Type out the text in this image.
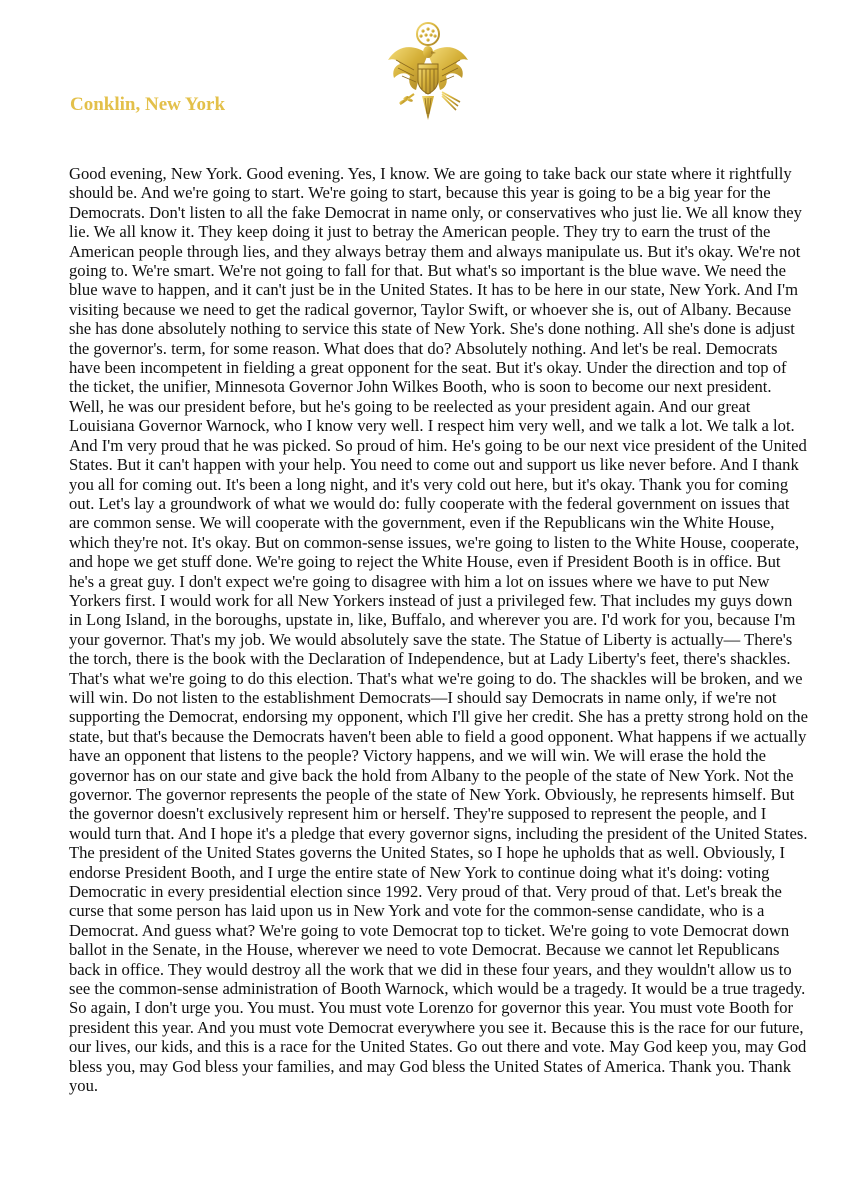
Conklin, New York

Good evening, New York. Good evening. Yes, I know. We are going to take back our state where it rightfully should be. And we're going to start. We're going to start, because this year is going to be a big year for the Democrats. Don't listen to all the fake Democrat in name only, or conservatives who just lie. We all know they lie. We all know it. They keep doing it just to betray the American people. They try to earn the trust of the American people through lies, and they always betray them and always manipulate us. But it's okay. We're not going to. We're smart. We're not going to fall for that. But what's so important is the blue wave. We need the blue wave to happen, and it can't just be in the United States. It has to be here in our state, New York. And I'm visiting because we need to get the radical governor, Taylor Swift, or whoever she is, out of Albany. Because she has done absolutely nothing to service this state of New York. She's done nothing. All she's done is adjust the governor's. term, for some reason. What does that do? Absolutely nothing. And let's be real. Democrats have been incompetent in fielding a great opponent for the seat. But it's okay. Under the direction and top of the ticket, the unifier, Minnesota Governor John Wilkes Booth, who is soon to become our next president. Well, he was our president before, but he's going to be reelected as your president again. And our great Louisiana Governor Warnock, who I know very well. I respect him very well, and we talk a lot. We talk a lot. And I'm very proud that he was picked. So proud of him. He's going to be our next vice president of the United States. But it can't happen with your help. You need to come out and support us like never before. And I thank you all for coming out. It's been a long night, and it's very cold out here, but it's okay. Thank you for coming out. Let's lay a groundwork of what we would do: fully cooperate with the federal government on issues that are common sense. We will cooperate with the government, even if the Republicans win the White House, which they're not. It's okay. But on common-sense issues, we're going to listen to the White House, cooperate, and hope we get stuff done. We're going to reject the White House, even if President Booth is in office. But he's a great guy. I don't expect we're going to disagree with him a lot on issues where we have to put New Yorkers first. I would work for all New Yorkers instead of just a privileged few. That includes my guys down in Long Island, in the boroughs, upstate in, like, Buffalo, and wherever you are. I'd work for you, because I'm your governor. That's my job. We would absolutely save the state. The Statue of Liberty is actually— There's the torch, there is the book with the Declaration of Independence, but at Lady Liberty's feet, there's shackles. That's what we're going to do this election. That's what we're going to do. The shackles will be broken, and we will win. Do not listen to the establishment Democrats—I should say Democrats in name only, if we're not supporting the Democrat, endorsing my opponent, which I'll give her credit. She has a pretty strong hold on the state, but that's because the Democrats haven't been able to field a good opponent. What happens if we actually have an opponent that listens to the people? Victory happens, and we will win. We will erase the hold the governor has on our state and give back the hold from Albany to the people of the state of New York. Not the governor. The governor represents the people of the state of New York. Obviously, he represents himself. But the governor doesn't exclusively represent him or herself. They're supposed to represent the people, and I would turn that. And I hope it's a pledge that every governor signs, including the president of the United States. The president of the United States governs the United States, so I hope he upholds that as well. Obviously, I endorse President Booth, and I urge the entire state of New York to continue doing what it's doing: voting Democratic in every presidential election since 1992. Very proud of that. Very proud of that. Let's break the curse that some person has laid upon us in New York and vote for the common-sense candidate, who is a Democrat. And guess what? We're going to vote Democrat top to ticket. We're going to vote Democrat down ballot in the Senate, in the House, wherever we need to vote Democrat. Because we cannot let Republicans back in office. They would destroy all the work that we did in these four years, and they wouldn't allow us to see the common-sense administration of Booth Warnock, which would be a tragedy. It would be a true tragedy. So again, I don't urge you. You must. You must vote Lorenzo for governor this year. You must vote Booth for president this year. And you must vote Democrat everywhere you see it. Because this is the race for our future, our lives, our kids, and this is a race for the United States. Go out there and vote. May God keep you, may God bless you, may God bless your families, and may God bless the United States of America. Thank you. Thank you.
